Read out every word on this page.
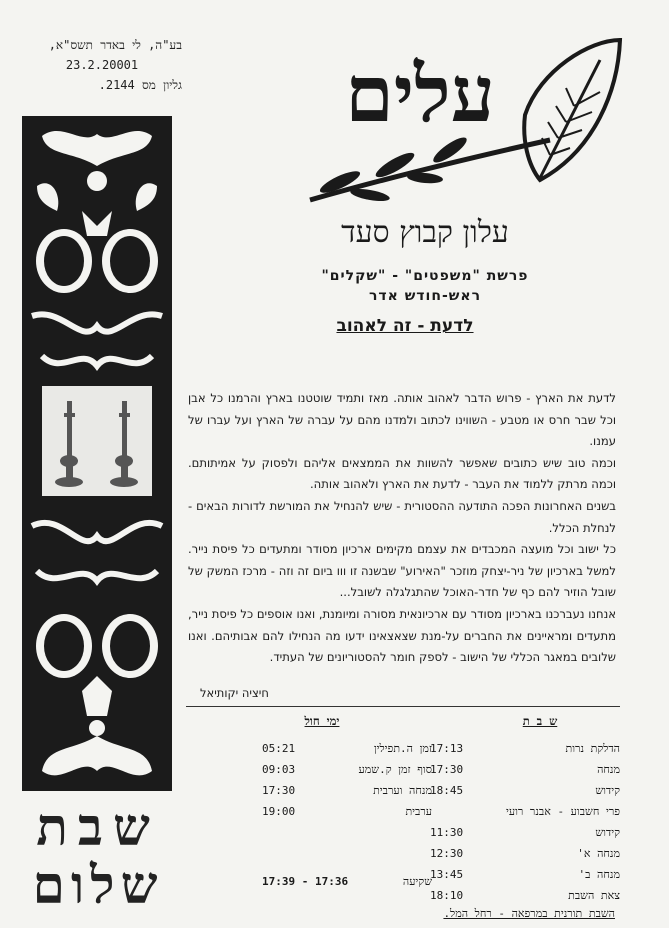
בע"ה, לי באדר תשס"א,
23.2.20001
גליון מס 2144.
שבת
שלום
עלים
עלון קבוץ סעד
פרשת "משפטים" - "שקלים"
ראש-חודש אדר
לדעת - זה לאהוב

לדעת את הארץ - פרוש הדבר לאהוב אותה. מאז ותמיד שוטטנו בארץ והרמנו כל אבן וכל שבר חרס או מטבע - השווינו לכתוב ולמדנו מהם על עברה של הארץ ועל עברו של עמנו.

וכמה טוב שיש כתובים שאפשר להשוות את הממצאים אליהם ולפסוק על אמיתותם. וכמה מרתק ללמוד את העבר - לדעת את הארץ ולאהוב אותה.

בשנים האחרונות הפכה התודעה ההסטורית - שיש להנחיל את המורשת לדורות הבאים - לנחלת הכלל.

כל ישוב וכל מועצה המכבדים את עצמם מקימים ארכיון מסודר ומתעדים כל פיסת נייר. למשל בארכיון של ניר-יצחק מוזכר "האירוע" שבשנה זו ווו ביום זה וזה - מרכז המשק של שובל הוזיר להם כף של חדר-האוכל שהתגלגלה לשובל...

אנחנו נעברכנו בארכיון מסודר עם ארכיונאית מסורה ומיומנת, ואנו אוספים כל פיסת נייר, מתעדים ומראיינים את החברים על-מנת שצאצאינו ידעו מה הנחילו להם אבותיהם. ואנו שלובים במאגר הכללי של הישוב - לספק חומר להסטוריונים של העתיד.

חיציה יקותיאל
ש ב ת
ימי חול
הדלקת נרות
17:13
מנחה
17:30
קידוש
18:45
פרי חשבוע - אבנר רועי
קידוש
11:30
מנחה א'
12:30
מנחה ב'
13:45
צאת השבת
18:10
זמן ה.תפילין
05:21
סוף זמן ק.שמע
09:03
מנחה וערבית
17:30
ערבית
19:00
17:39 - 17:36	שקיעה
השבת תורנית במרפאה - רחל המל.
